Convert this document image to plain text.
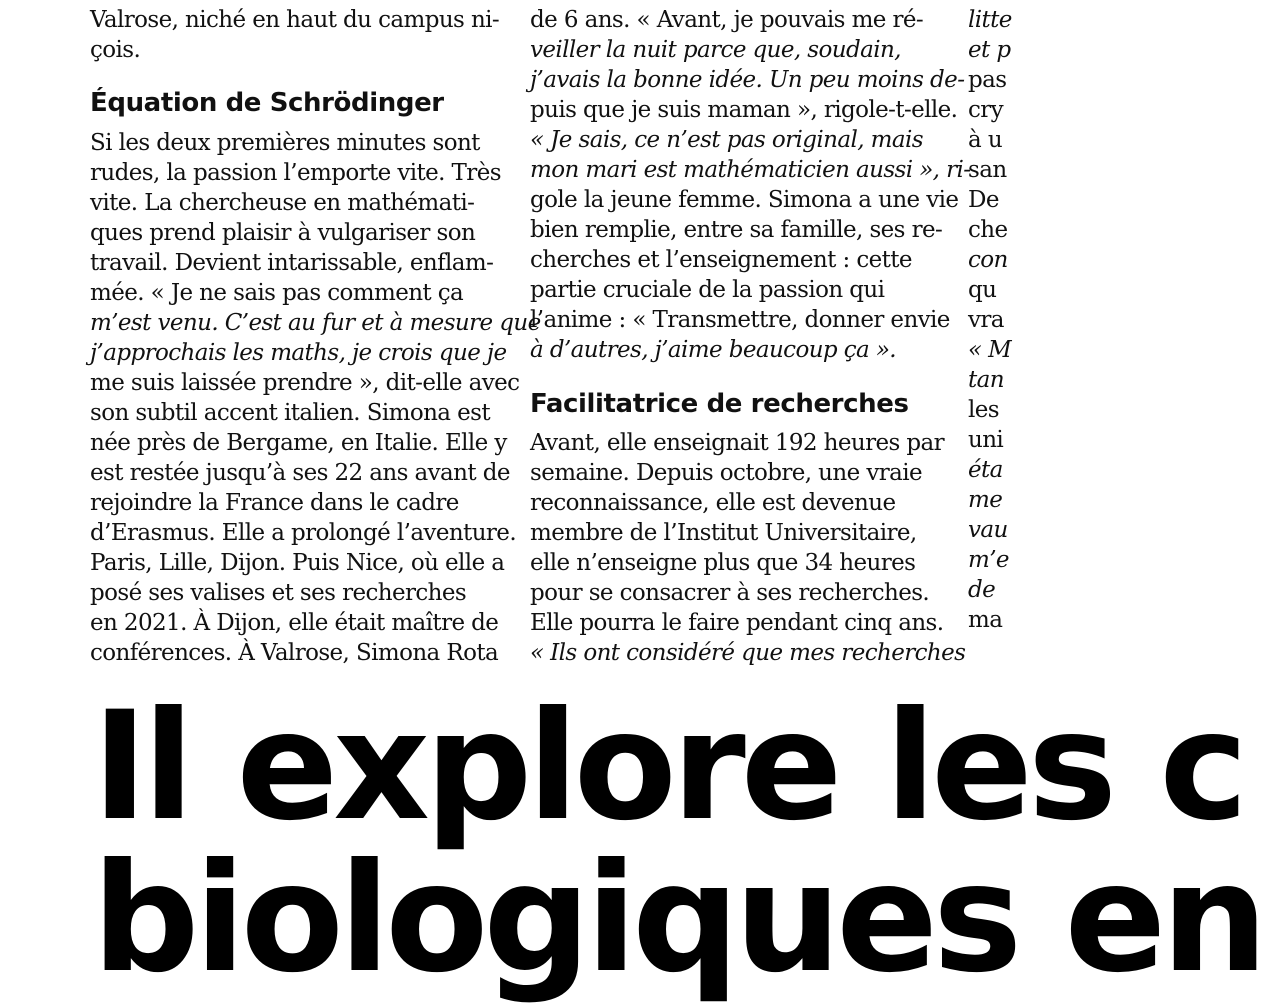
Valrose, niché en haut du campus ni-
çois.
Équation de Schrödinger
Si les deux premières minutes sont
rudes, la passion l’emporte vite. Très
vite. La chercheuse en mathémati-
ques prend plaisir à vulgariser son
travail. Devient intarissable, enflam-
mée. « Je ne sais pas comment ça
m’est venu. C’est au fur et à mesure que
j’approchais les maths, je crois que je
me suis laissée prendre », dit-elle avec
son subtil accent italien. Simona est
née près de Bergame, en Italie. Elle y
est restée jusqu’à ses 22 ans avant de
rejoindre la France dans le cadre
d’Erasmus. Elle a prolongé l’aventure.
Paris, Lille, Dijon. Puis Nice, où elle a
posé ses valises et ses recherches
en 2021. À Dijon, elle était maître de
conférences. À Valrose, Simona Rota
de 6 ans. « Avant, je pouvais me ré-
veiller la nuit parce que, soudain,
j’avais la bonne idée. Un peu moins de-
puis que je suis maman », rigole-t-elle.
« Je sais, ce n’est pas original, mais
mon mari est mathématicien aussi », ri-
gole la jeune femme. Simona a une vie
bien remplie, entre sa famille, ses re-
cherches et l’enseignement : cette
partie cruciale de la passion qui
l’anime : « Transmettre, donner envie
à d’autres, j’aime beaucoup ça ».
Facilitatrice de recherches
Avant, elle enseignait 192 heures par
semaine. Depuis octobre, une vraie
reconnaissance, elle est devenue
membre de l’Institut Universitaire,
elle n’enseigne plus que 34 heures
pour se consacrer à ses recherches.
Elle pourra le faire pendant cinq ans.
« Ils ont considéré que mes recherches
litte
et p
pas
cry
à u
san
De
che
con
qu
vra
« M
tan
les
uni
éta
me
vau
m’e
de
ma
Il explore les c
biologiques en
